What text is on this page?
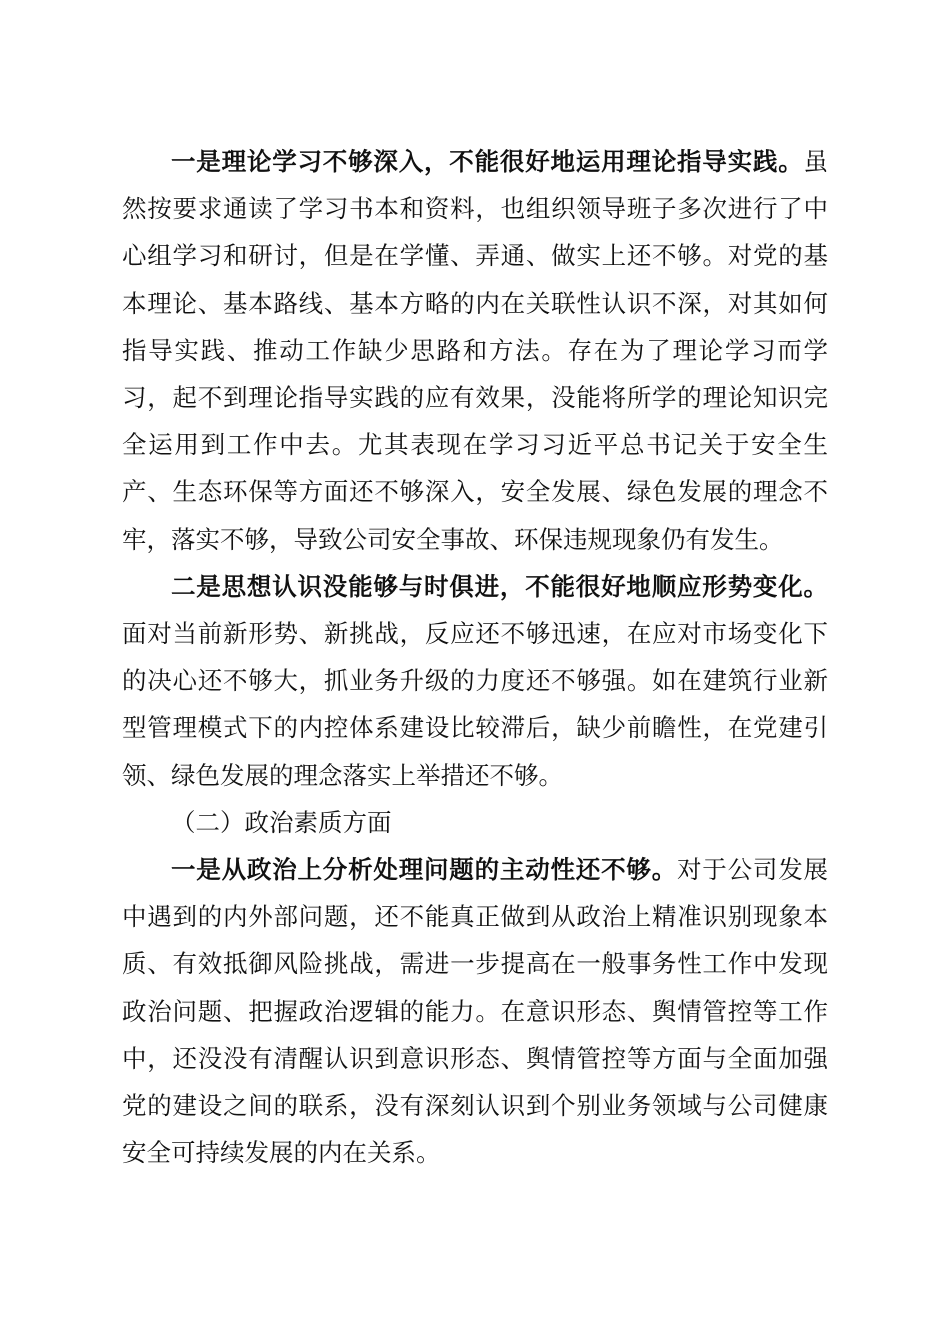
一是理论学习不够深入，不能很好地运用理论指导实践。虽然按要求通读了学习书本和资料，也组织领导班子多次进行了中心组学习和研讨，但是在学懂、弄通、做实上还不够。对党的基本理论、基本路线、基本方略的内在关联性认识不深，对其如何指导实践、推动工作缺少思路和方法。存在为了理论学习而学习，起不到理论指导实践的应有效果，没能将所学的理论知识完全运用到工作中去。尤其表现在学习习近平总书记关于安全生产、生态环保等方面还不够深入，安全发展、绿色发展的理念不牢，落实不够，导致公司安全事故、环保违规现象仍有发生。

二是思想认识没能够与时俱进，不能很好地顺应形势变化。面对当前新形势、新挑战，反应还不够迅速，在应对市场变化下的决心还不够大，抓业务升级的力度还不够强。如在建筑行业新型管理模式下的内控体系建设比较滞后，缺少前瞻性，在党建引领、绿色发展的理念落实上举措还不够。

（二）政治素质方面

一是从政治上分析处理问题的主动性还不够。对于公司发展中遇到的内外部问题，还不能真正做到从政治上精准识别现象本质、有效抵御风险挑战，需进一步提高在一般事务性工作中发现政治问题、把握政治逻辑的能力。在意识形态、舆情管控等工作中，还没没有清醒认识到意识形态、舆情管控等方面与全面加强党的建设之间的联系，没有深刻认识到个别业务领域与公司健康安全可持续发展的内在关系。
